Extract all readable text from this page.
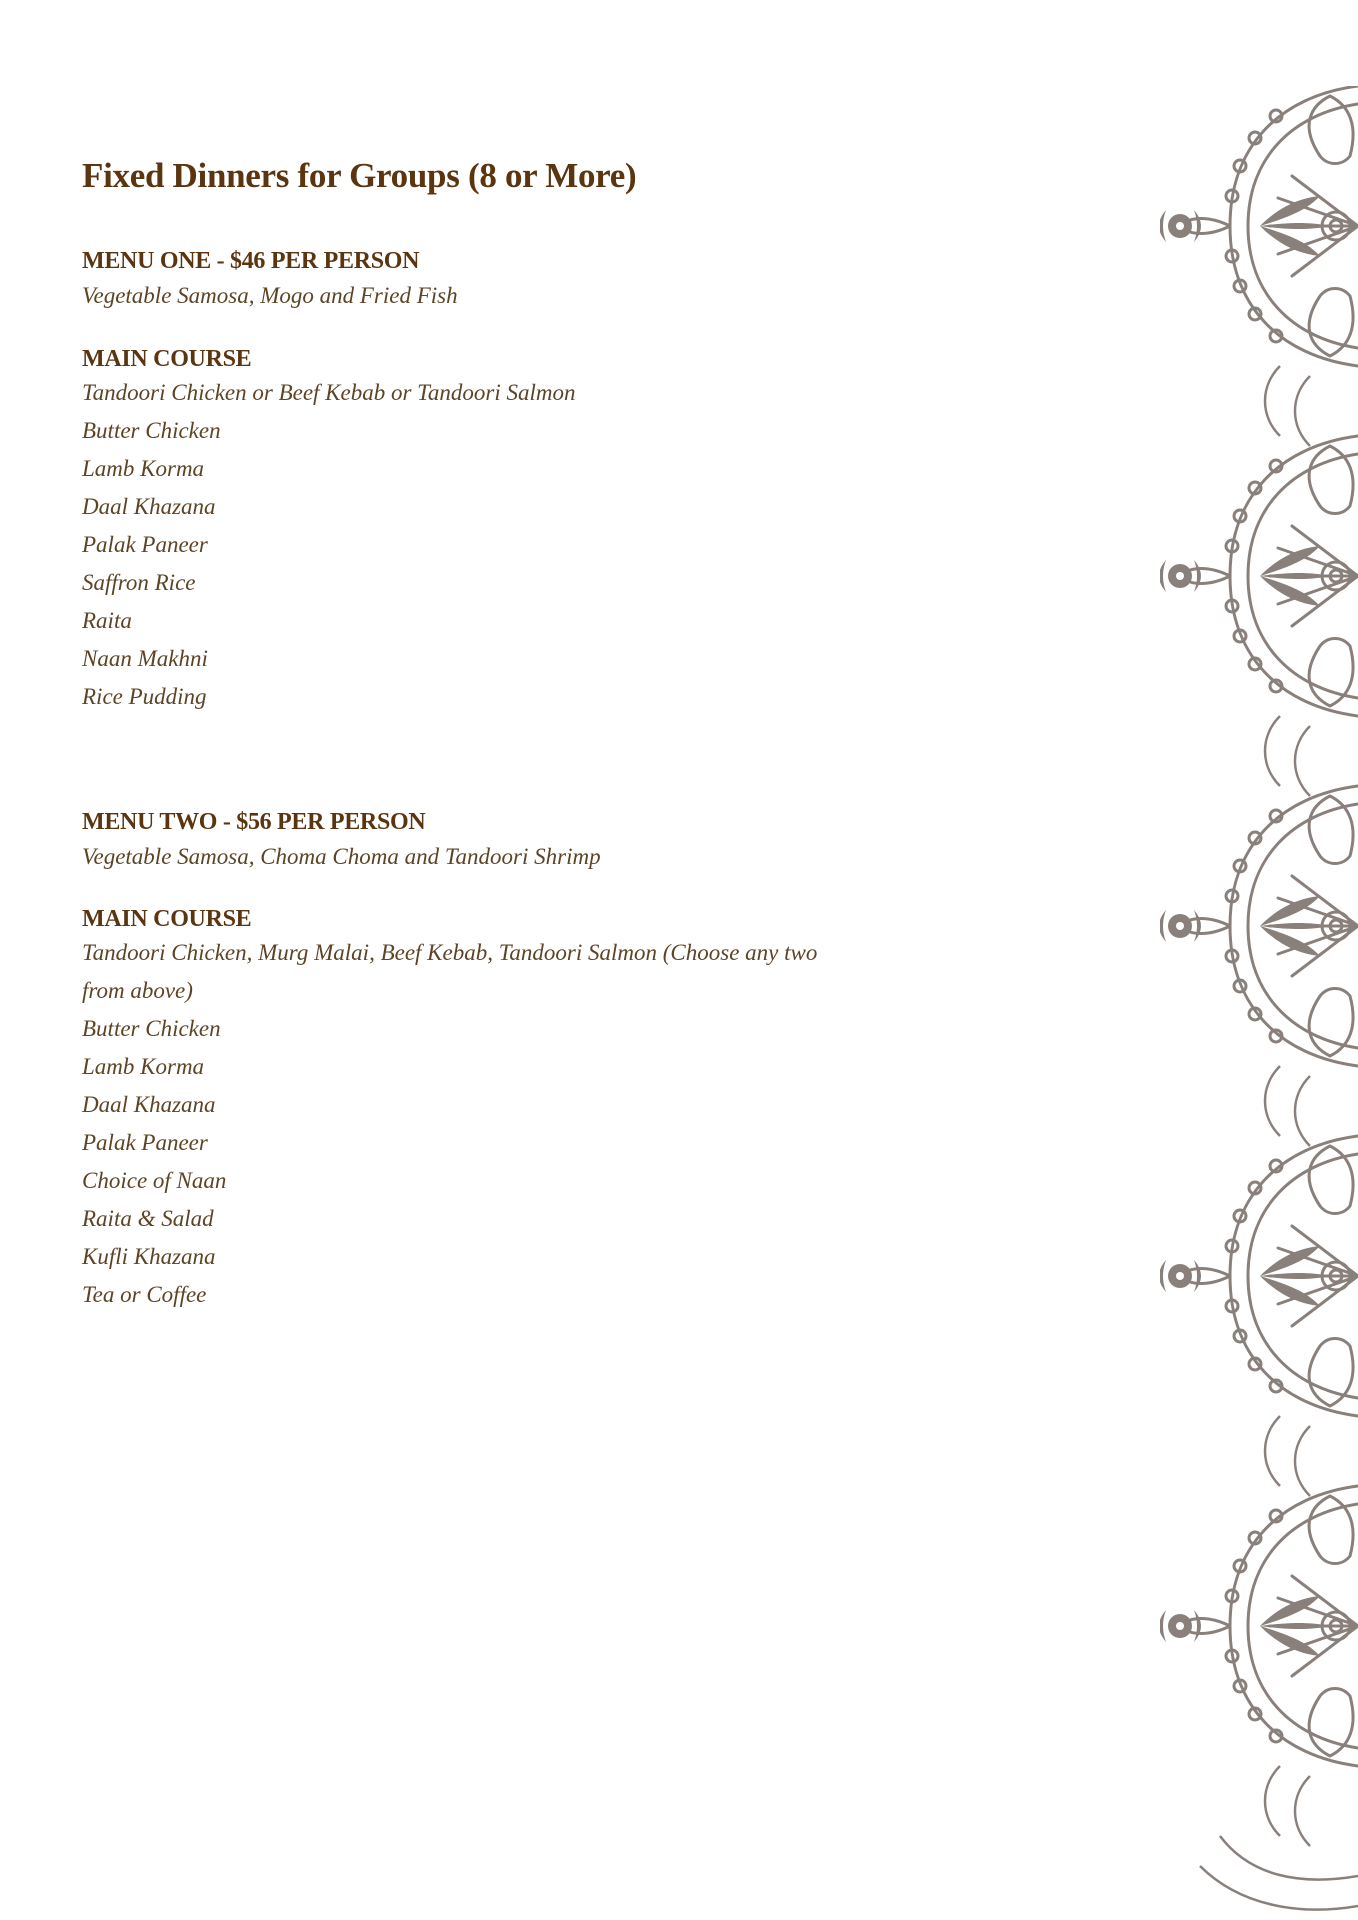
Fixed Dinners for Groups (8 or More)
MENU ONE - $46 PER PERSON

Vegetable Samosa, Mogo and Fried Fish

MAIN COURSE
Tandoori Chicken or Beef Kebab or Tandoori Salmon
Butter Chicken
Lamb Korma
Daal Khazana
Palak Paneer
Saffron Rice
Raita
Naan Makhni
Rice Pudding
MENU TWO - $56 PER PERSON

Vegetable Samosa, Choma Choma and Tandoori Shrimp

MAIN COURSE
Tandoori Chicken, Murg Malai, Beef Kebab, Tandoori Salmon (Choose any two from above)
Butter Chicken
Lamb Korma
Daal Khazana
Palak Paneer
Choice of Naan
Raita & Salad
Kufli Khazana
Tea or Coffee
